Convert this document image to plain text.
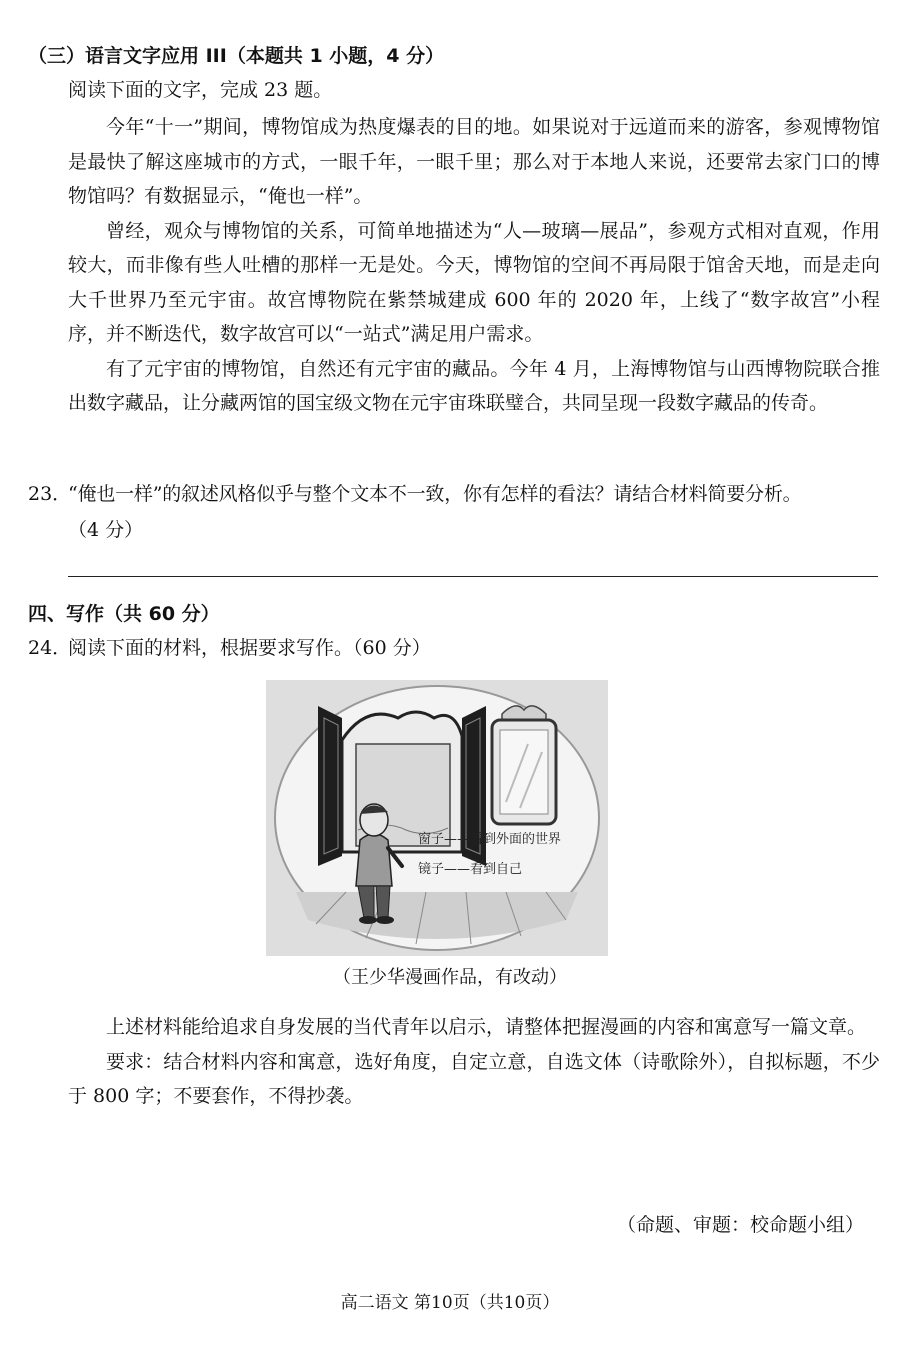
（三）语言文字应用 III（本题共 1 小题，4 分）
阅读下面的文字，完成 23 题。

今年“十一”期间，博物馆成为热度爆表的目的地。如果说对于远道而来的游客，参观博物馆是最快了解这座城市的方式，一眼千年，一眼千里；那么对于本地人来说，还要常去家门口的博物馆吗？有数据显示，“俺也一样”。

曾经，观众与博物馆的关系，可简单地描述为“人—玻璃—展品”，参观方式相对直观，作用较大，而非像有些人吐槽的那样一无是处。今天，博物馆的空间不再局限于馆舍天地，而是走向大千世界乃至元宇宙。故宫博物院在紫禁城建成 600 年的 2020 年，上线了“数字故宫”小程序，并不断迭代，数字故宫可以“一站式”满足用户需求。

有了元宇宙的博物馆，自然还有元宇宙的藏品。今年 4 月，上海博物馆与山西博物院联合推出数字藏品，让分藏两馆的国宝级文物在元宇宙珠联璧合，共同呈现一段数字藏品的传奇。

23．
“俺也一样”的叙述风格似乎与整个文本不一致，你有怎样的看法？请结合材料简要分析。
（4 分）
四、写作（共 60 分）
24．
阅读下面的材料，根据要求写作。（60 分）
窗子——看到外面的世界
镜子——看到自己
（王少华漫画作品，有改动）

上述材料能给追求自身发展的当代青年以启示，请整体把握漫画的内容和寓意写一篇文章。

要求：结合材料内容和寓意，选好角度，自定立意，自选文体（诗歌除外），自拟标题，不少于 800 字；不要套作，不得抄袭。

（命题、审题：校命题小组）
高二语文 第10页（共10页）
